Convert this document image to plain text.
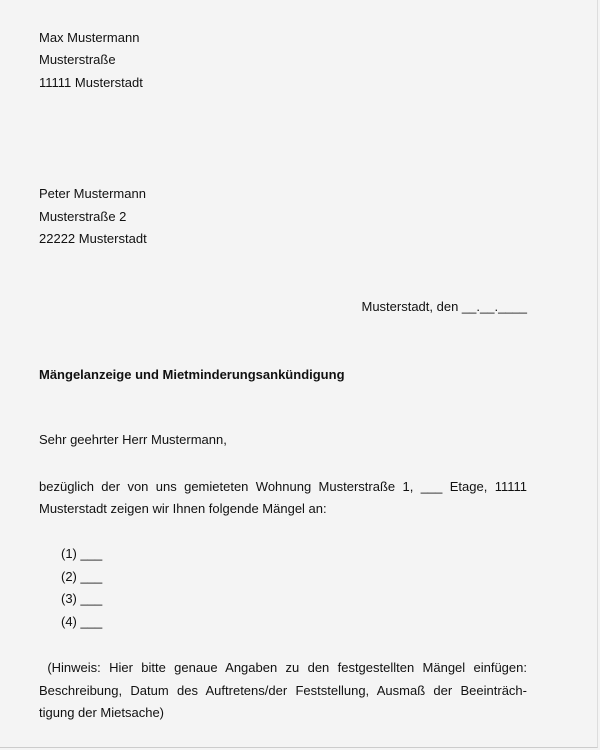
Max Mustermann
Musterstraße
11111 Musterstadt
Peter Mustermann
Musterstraße 2
22222 Musterstadt
Musterstadt, den __.__.____
Mängelanzeige und Mietminderungsankündigung
Sehr geehrter Herr Mustermann,
bezüglich der von uns gemieteten Wohnung Musterstraße 1, ___ Etage, 11111
Musterstadt zeigen wir Ihnen folgende Mängel an:
(1) ___
(2) ___
(3) ___
(4) ___
(Hinweis: Hier bitte genaue Angaben zu den festgestellten Mängel einfügen:
Beschreibung, Datum des Auftretens/der Feststellung, Ausmaß der Beeinträch-
tigung der Mietsache)
